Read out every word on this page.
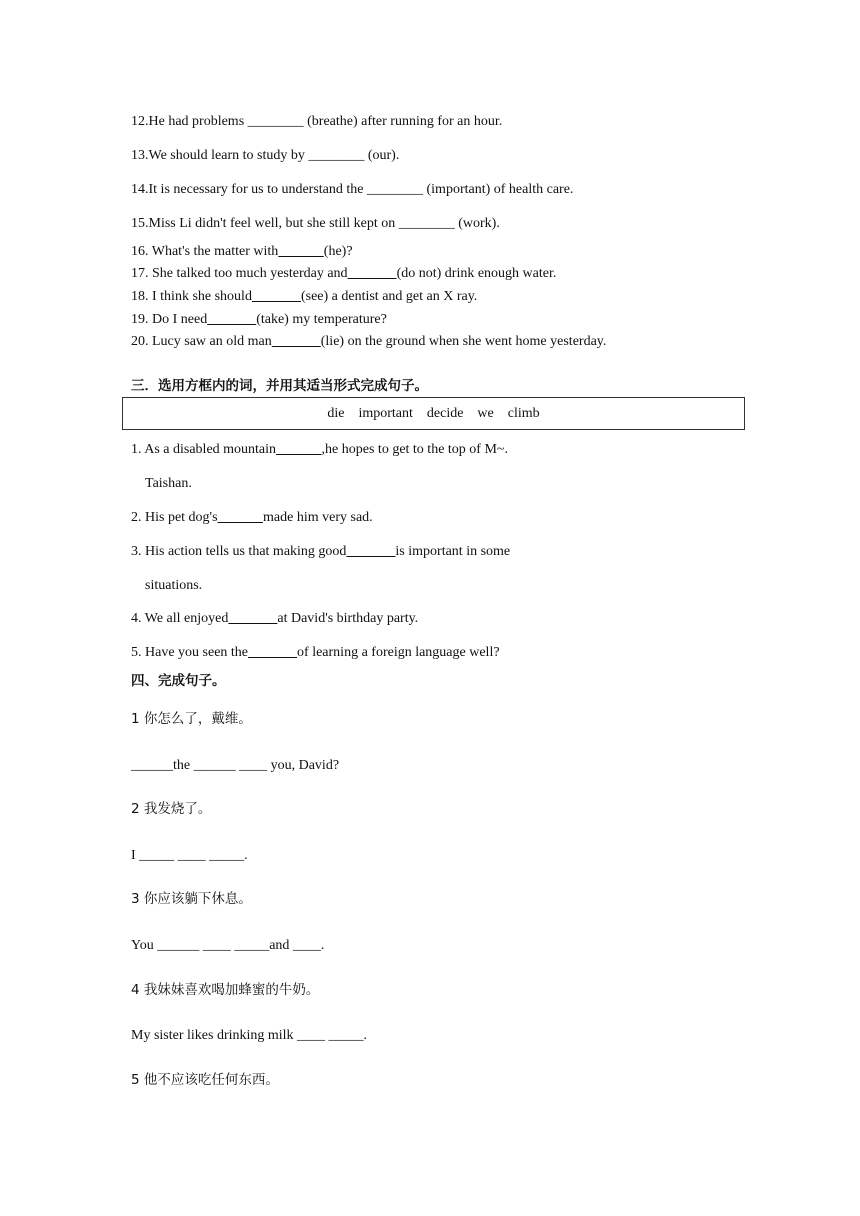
12.He had problems ________ (breathe) after running for an hour.
13.We should learn to study by ________ (our).
14.It is necessary for us to understand the ________ (important) of health care.
15.Miss Li didn't feel well, but she still kept on ________ (work).
16. What's the matter with	(he)?
17. She talked too much yesterday and	(do not) drink enough water.
18. I think she should	(see) a dentist and get an X ray.
19. Do I need	(take) my temperature?
20. Lucy saw an old man	(lie) on the ground when she went home yesterday.
三．选用方框内的词，并用其适当形式完成句子。
die    important    decide    we    climb
1. As a disabled mountain	,he hopes to get to the top of M~.
Taishan.
2. His pet dog's	made him very sad.
3. His action tells us that making good	is important in some
situations.
4. We all enjoyed	at David's birthday party.
5. Have you seen the	of learning a foreign language well?
四、完成句子。
1 你怎么了，戴维。
______the ______ ____ you, David?
2 我发烧了。
I _____ ____ _____.
3 你应该躺下休息。
You ______ ____ _____and ____.
4 我妹妹喜欢喝加蜂蜜的牛奶。
My sister likes drinking milk ____ _____.
5 他不应该吃任何东西。
